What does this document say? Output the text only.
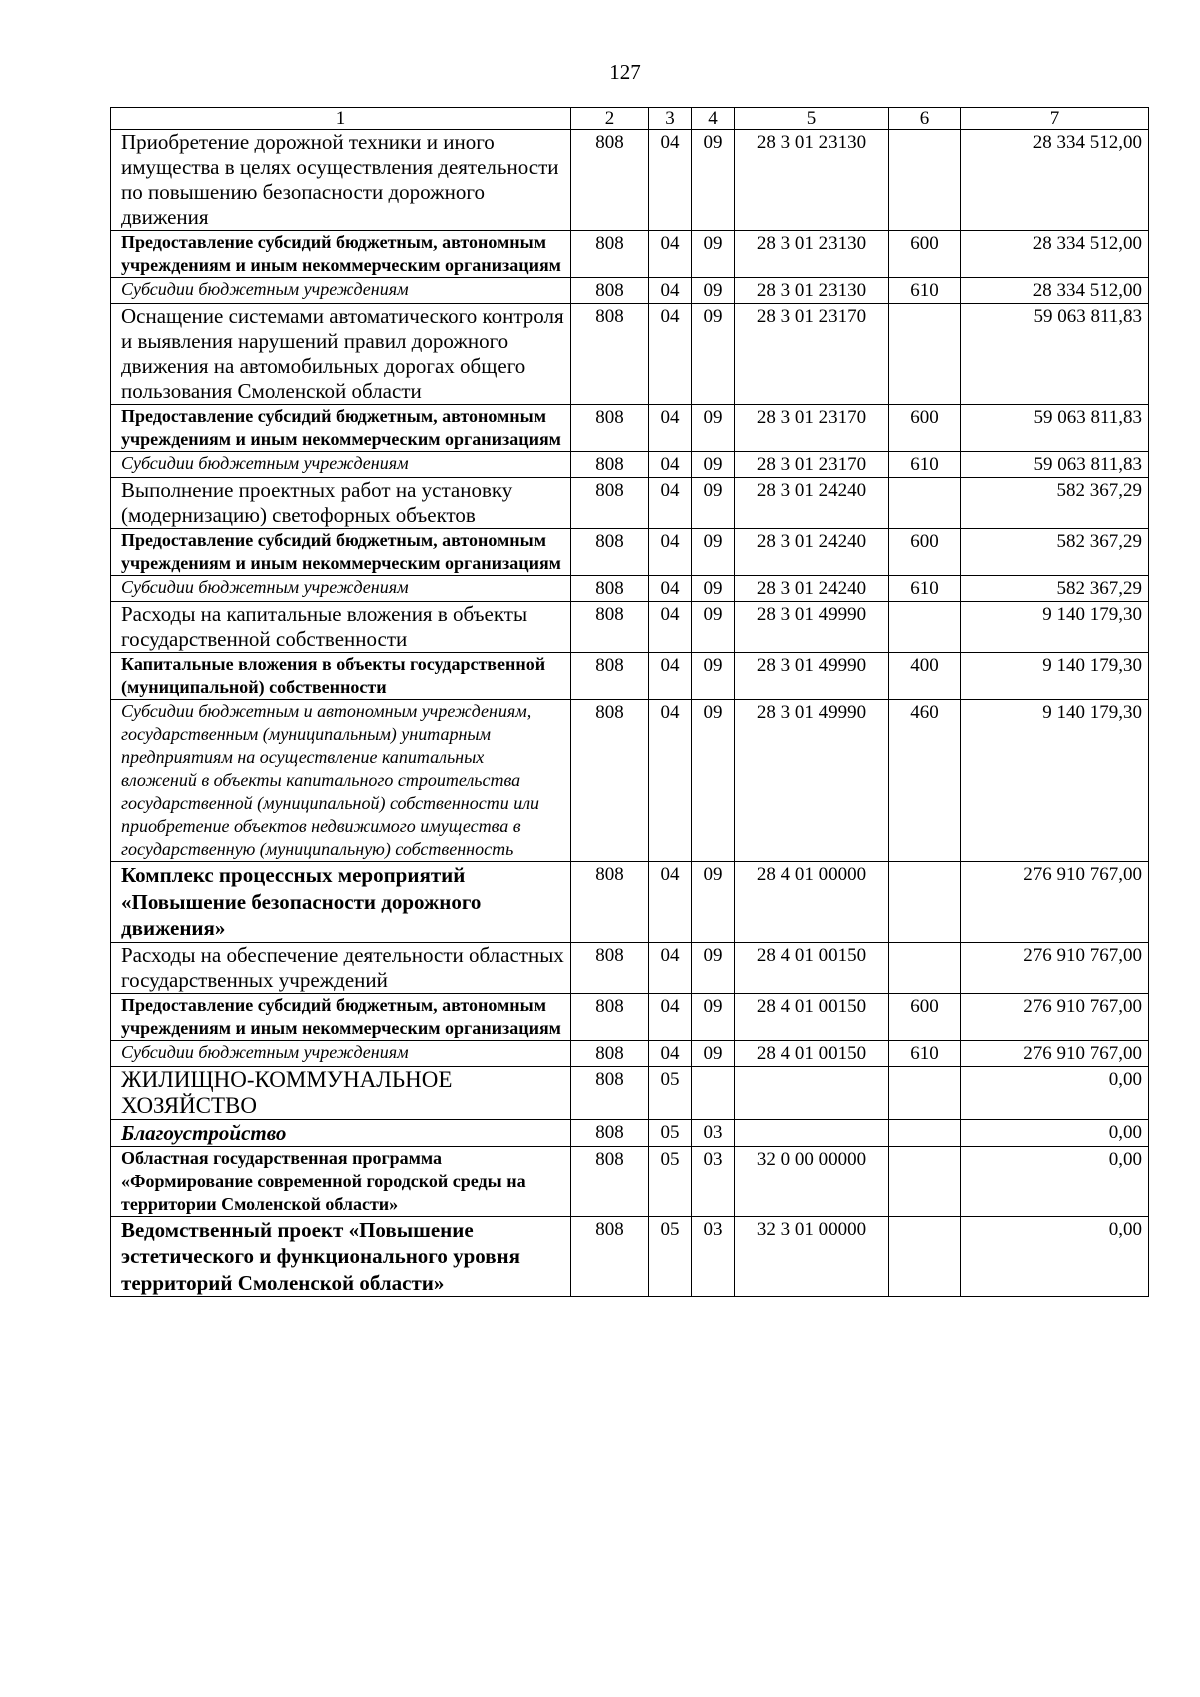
127
1	2	3	4	5	6	7
Приобретение дорожной техники и иного имущества в целях осуществления деятельности по повышению безопасности дорожного движения	808	04	09	28 3 01 23130		28 334 512,00
Предоставление субсидий бюджетным, автономным учреждениям и иным некоммерческим организациям	808	04	09	28 3 01 23130	600	28 334 512,00
Субсидии бюджетным учреждениям	808	04	09	28 3 01 23130	610	28 334 512,00
Оснащение системами автоматического контроля и выявления нарушений правил дорожного движения на автомобильных дорогах общего пользования Смоленской области	808	04	09	28 3 01 23170		59 063 811,83
Предоставление субсидий бюджетным, автономным учреждениям и иным некоммерческим организациям	808	04	09	28 3 01 23170	600	59 063 811,83
Субсидии бюджетным учреждениям	808	04	09	28 3 01 23170	610	59 063 811,83
Выполнение проектных работ на установку (модернизацию) светофорных объектов	808	04	09	28 3 01 24240		582 367,29
Предоставление субсидий бюджетным, автономным учреждениям и иным некоммерческим организациям	808	04	09	28 3 01 24240	600	582 367,29
Субсидии бюджетным учреждениям	808	04	09	28 3 01 24240	610	582 367,29
Расходы на капитальные вложения в объекты государственной собственности	808	04	09	28 3 01 49990		9 140 179,30
Капитальные вложения в объекты государственной (муниципальной) собственности	808	04	09	28 3 01 49990	400	9 140 179,30
Субсидии бюджетным и автономным учреждениям, государственным (муниципальным) унитарным предприятиям на осуществление капитальных вложений в объекты капитального строительства государственной (муниципальной) собственности или приобретение объектов недвижимого имущества в государственную (муниципальную) собственность	808	04	09	28 3 01 49990	460	9 140 179,30
Комплекс процессных мероприятий «Повышение безопасности дорожного движения»	808	04	09	28 4 01 00000		276 910 767,00
Расходы на обеспечение деятельности областных государственных учреждений	808	04	09	28 4 01 00150		276 910 767,00
Предоставление субсидий бюджетным, автономным учреждениям и иным некоммерческим организациям	808	04	09	28 4 01 00150	600	276 910 767,00
Субсидии бюджетным учреждениям	808	04	09	28 4 01 00150	610	276 910 767,00
ЖИЛИЩНО-КОММУНАЛЬНОЕ ХОЗЯЙСТВО	808	05				0,00
Благоустройство	808	05	03			0,00
Областная государственная программа «Формирование современной городской среды на территории Смоленской области»	808	05	03	32 0 00 00000		0,00
Ведомственный проект «Повышение эстетического и функционального уровня территорий Смоленской области»	808	05	03	32 3 01 00000		0,00
